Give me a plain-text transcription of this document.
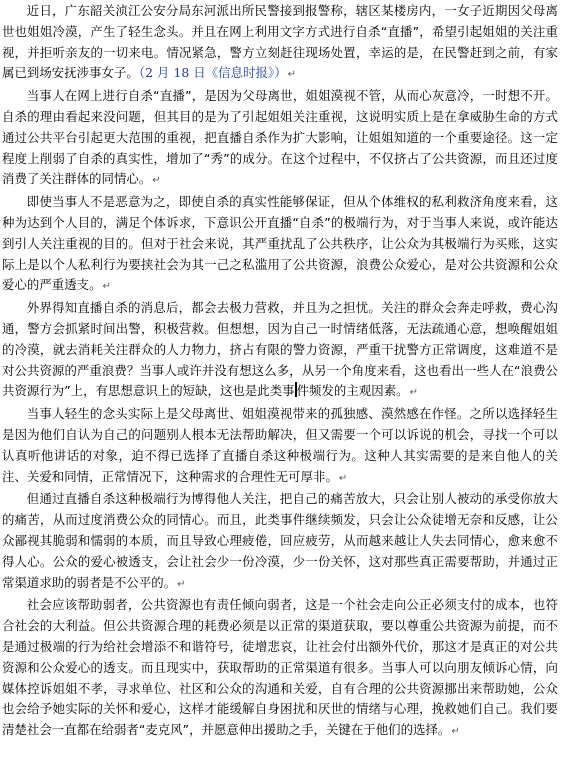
近日，广东韶关浈江公安分局东河派出所民警接到报警称，辖区某楼房内，一女子近期因父母离世也姐姐冷漠，产生了轻生念头。并且在网上利用文字方式进行自杀“直播”，希望引起姐姐的关注重视，并拒听亲友的一切来电。情况紧急，警方立刻赶往现场处置，幸运的是，在民警赶到之前，有家属已到场安抚涉事女子。（2 月 18 日《信息时报》） ↵

当事人在网上进行自杀“直播”，是因为父母离世，姐姐漠视不管，从而心灰意冷，一时想不开。自杀的理由看起来没问题，但其目的是为了引起姐姐关注重视，这说明实质上是在拿威胁生命的方式通过公共平台引起更大范围的重视，把直播自杀作为扩大影响，让姐姐知道的一个重要途径。这一定程度上削弱了自杀的真实性，增加了“秀”的成分。在这个过程中，不仅挤占了公共资源，而且还过度消费了关注群体的同情心。 ↵

即使当事人不是恶意为之，即使自杀的真实性能够保证，但从个体维权的私利救济角度来看，这种为达到个人目的，满足个体诉求，下意识公开直播“自杀”的极端行为，对于当事人来说，或许能达到引人关注重视的目的。但对于社会来说，其严重扰乱了公共秩序，让公众为其极端行为买账，这实际上是以个人私利行为要挟社会为其一己之私滥用了公共资源，浪费公众爱心，是对公共资源和公众爱心的严重透支。 ↵

外界得知直播自杀的消息后，都会去极力营救，并且为之担忧。关注的群众会奔走呼救，费心沟通，警方会抓紧时间出警，积极营救。但想想，因为自己一时情绪低落，无法疏通心意，想唤醒姐姐的冷漠，就去消耗关注群众的人力物力，挤占有限的警力资源，严重干扰警方正常调度，这难道不是对公共资源的严重浪费？当事人或许并没有想这么多，从另一个角度来看，这也看出一些人在“浪费公共资源行为”上，有思想意识上的短缺，这也是此类事 件频发的主观因素。 ↵

当事人轻生的念头实际上是父母离世、姐姐漠视带来的孤独感、漠然感在作怪。之所以选择轻生是因为他们自认为自己的问题别人根本无法帮助解决，但又需要一个可以诉说的机会，寻找一个可以认真听他讲话的对象，迫不得已选择了直播自杀这种极端行为。这种人其实需要的是来自他人的关注、关爱和同情，正常情况下，这种需求的合理性无可厚非。 ↵

但通过直播自杀这种极端行为博得他人关注，把自己的痛苦放大，只会让别人被动的承受你放大的痛苦，从而过度消费公众的同情心。而且，此类事件继续频发，只会让公众徒增无奈和反感，让公众鄙视其脆弱和懦弱的本质，而且导致心理疲倦，回应疲劳，从而越来越让人失去同情心，愈来愈不得人心。公众的爱心被透支，会让社会少一份冷漠，少一份关怀，这对那些真正需要帮助，并通过正常渠道求助的弱者是不公平的。 ↵

社会应该帮助弱者，公共资源也有责任倾向弱者，这是一个社会走向公正必须支付的成本，也符合社会的大利益。但公共资源合理的耗费必须是以正常的渠道获取，要以尊重公共资源为前提，而不是通过极端的行为给社会增添不和谐符号，徒增悲哀，让社会付出额外代价，那这才是真正的对公共资源和公众爱心的透支。而且现实中，获取帮助的正常渠道有很多。当事人可以向朋友倾诉心情，向媒体控诉姐姐不孝，寻求单位、社区和公众的沟通和关爱，自有合理的公共资源挪出来帮助她，公众也会给予她实际的关怀和爱心，这样才能缓解自身困扰和厌世的情绪与心理，挽救她们自己。我们要清楚社会一直都在给弱者“麦克风”，并愿意伸出援助之手，关键在于他们的选择。 ↵
